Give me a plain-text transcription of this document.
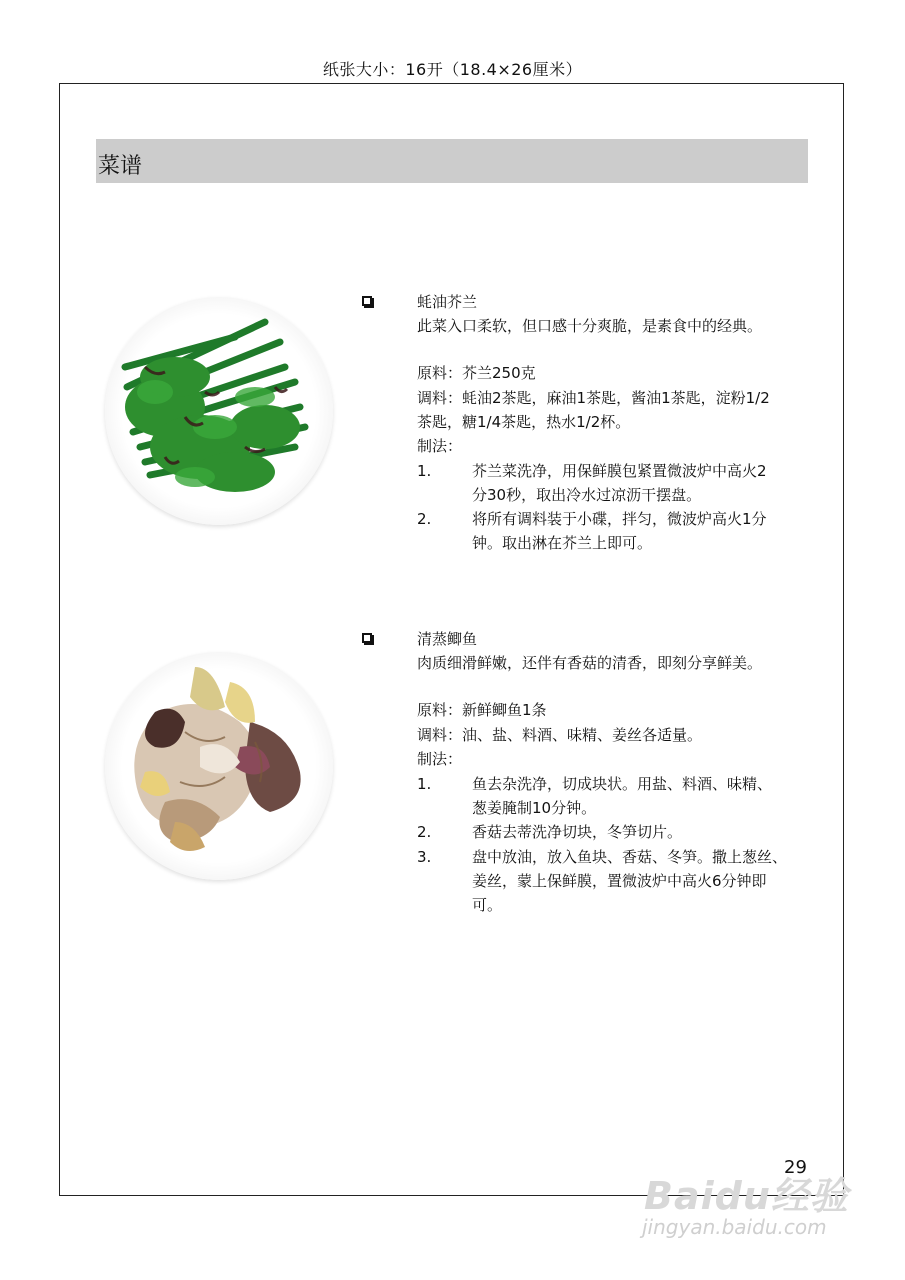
纸张大小：16开（18.4×26厘米）
菜谱
蚝油芥兰
此菜入口柔软，但口感十分爽脆，是素食中的经典。
原料：芥兰250克
调料：蚝油2茶匙，麻油1茶匙，酱油1茶匙，淀粉1/2
茶匙，糖1/4茶匙，热水1/2杯。
制法：
1.	芥兰菜洗净，用保鲜膜包紧置微波炉中高火2
分30秒，取出冷水过凉沥干摆盘。
2.	将所有调料装于小碟，拌匀，微波炉高火1分
钟。取出淋在芥兰上即可。
清蒸鲫鱼
肉质细滑鲜嫩，还伴有香菇的清香，即刻分享鲜美。
原料：新鲜鲫鱼1条
调料：油、盐、料酒、味精、姜丝各适量。
制法：
1.	鱼去杂洗净，切成块状。用盐、料酒、味精、
葱姜腌制10分钟。
2.	香菇去蒂洗净切块，冬笋切片。
3.	盘中放油，放入鱼块、香菇、冬笋。撒上葱丝、
姜丝，蒙上保鲜膜，置微波炉中高火6分钟即
可。
29
Baidu经验
jingyan.baidu.com
